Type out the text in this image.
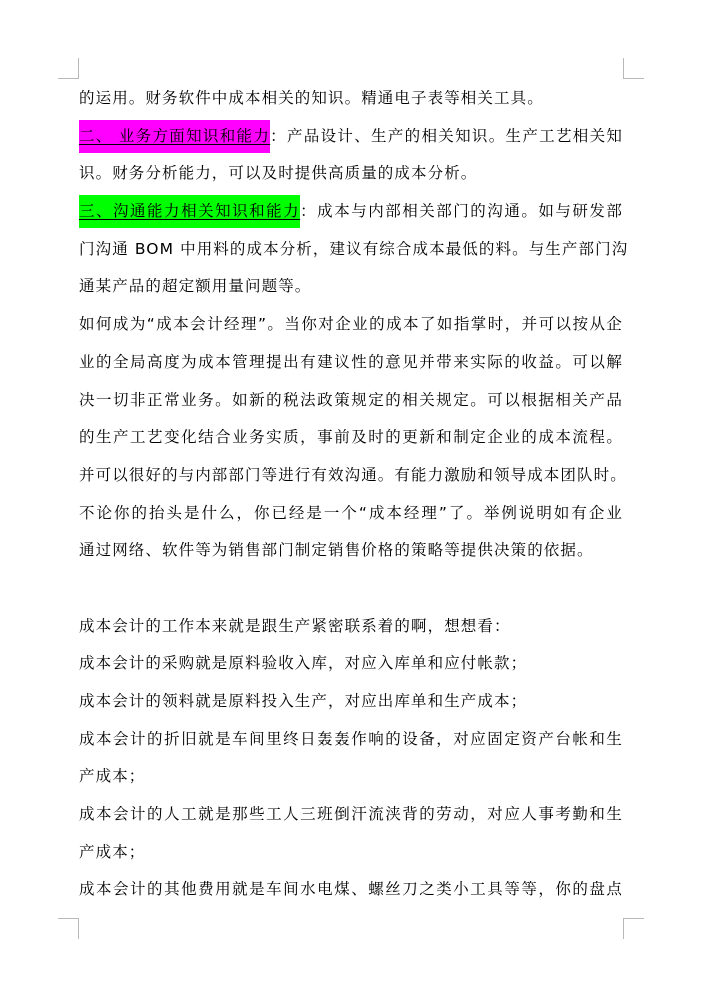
的运用。财务软件中成本相关的知识。精通电子表等相关工具。
二、 业务方面知识和能力：产品设计、生产的相关知识。生产工艺相关知
识。财务分析能力，可以及时提供高质量的成本分析。
三、沟通能力相关知识和能力：成本与内部相关部门的沟通。如与研发部
门沟通 BOM 中用料的成本分析，建议有综合成本最低的料。与生产部门沟
通某产品的超定额用量问题等。
如何成为“成本会计经理”。当你对企业的成本了如指掌时，并可以按从企
业的全局高度为成本管理提出有建议性的意见并带来实际的收益。可以解
决一切非正常业务。如新的税法政策规定的相关规定。可以根据相关产品
的生产工艺变化结合业务实质，事前及时的更新和制定企业的成本流程。
并可以很好的与内部部门等进行有效沟通。有能力激励和领导成本团队时。
不论你的抬头是什么，你已经是一个“成本经理”了。举例说明如有企业
通过网络、软件等为销售部门制定销售价格的策略等提供决策的依据。
成本会计的工作本来就是跟生产紧密联系着的啊，想想看：
成本会计的采购就是原料验收入库，对应入库单和应付帐款；
成本会计的领料就是原料投入生产，对应出库单和生产成本；
成本会计的折旧就是车间里终日轰轰作响的设备，对应固定资产台帐和生
产成本；
成本会计的人工就是那些工人三班倒汗流浃背的劳动，对应人事考勤和生
产成本；
成本会计的其他费用就是车间水电煤、螺丝刀之类小工具等等，你的盘点
